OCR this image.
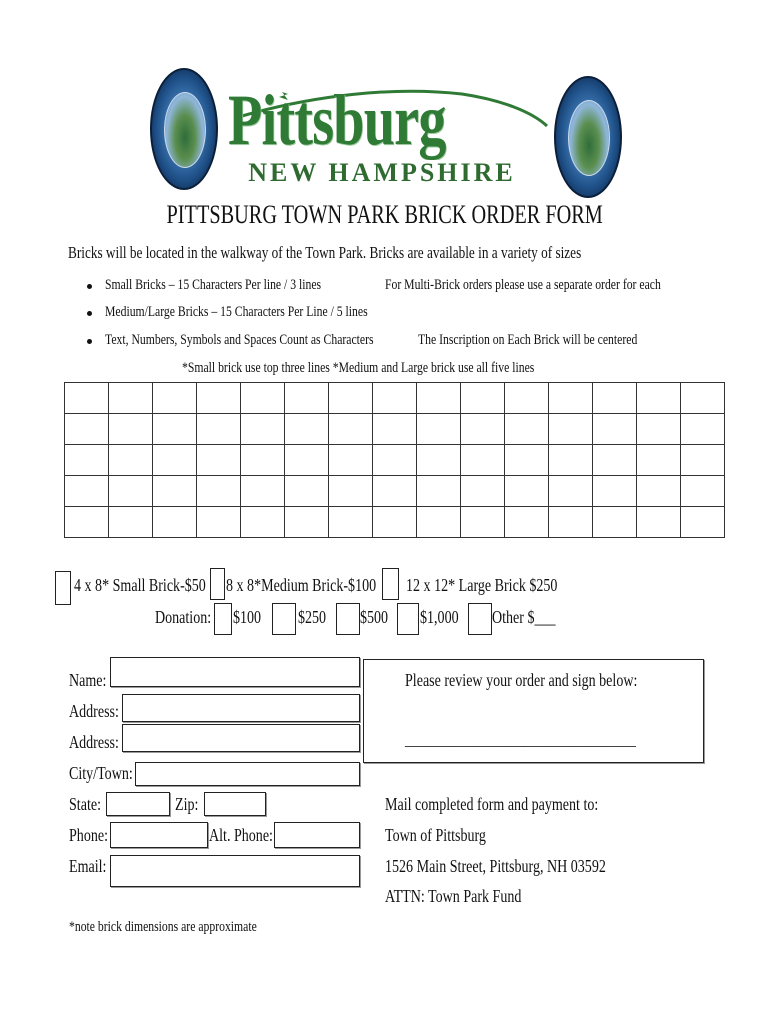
Pittsburg
NEW HAMPSHIRE
PITTSBURG TOWN PARK BRICK ORDER FORM
Bricks will be located in the walkway of the Town Park. Bricks are available in a variety of sizes
Small Bricks – 15 Characters Per line / 3 lines
Medium/Large Bricks – 15 Characters Per Line / 5 lines
Text, Numbers, Symbols and Spaces Count as Characters
For Multi-Brick orders please use a separate order for each
The Inscription on Each Brick will be centered
*Small brick use top three lines *Medium and Large brick use all five lines

4 x 8* Small Brick-$50	8 x 8*Medium Brick-$100	12 x 12* Large Brick $250
Donation:	$100	$250	$500	$1,000	Other $___
Name:
Address:
Address:
City/Town:
State:	Zip:
Phone:	Alt. Phone:
Email:
Please review your order and sign below:
_____________________________________
Mail completed form and payment to:
Town of Pittsburg
1526 Main Street, Pittsburg, NH 03592
ATTN: Town Park Fund
*note brick dimensions are approximate
